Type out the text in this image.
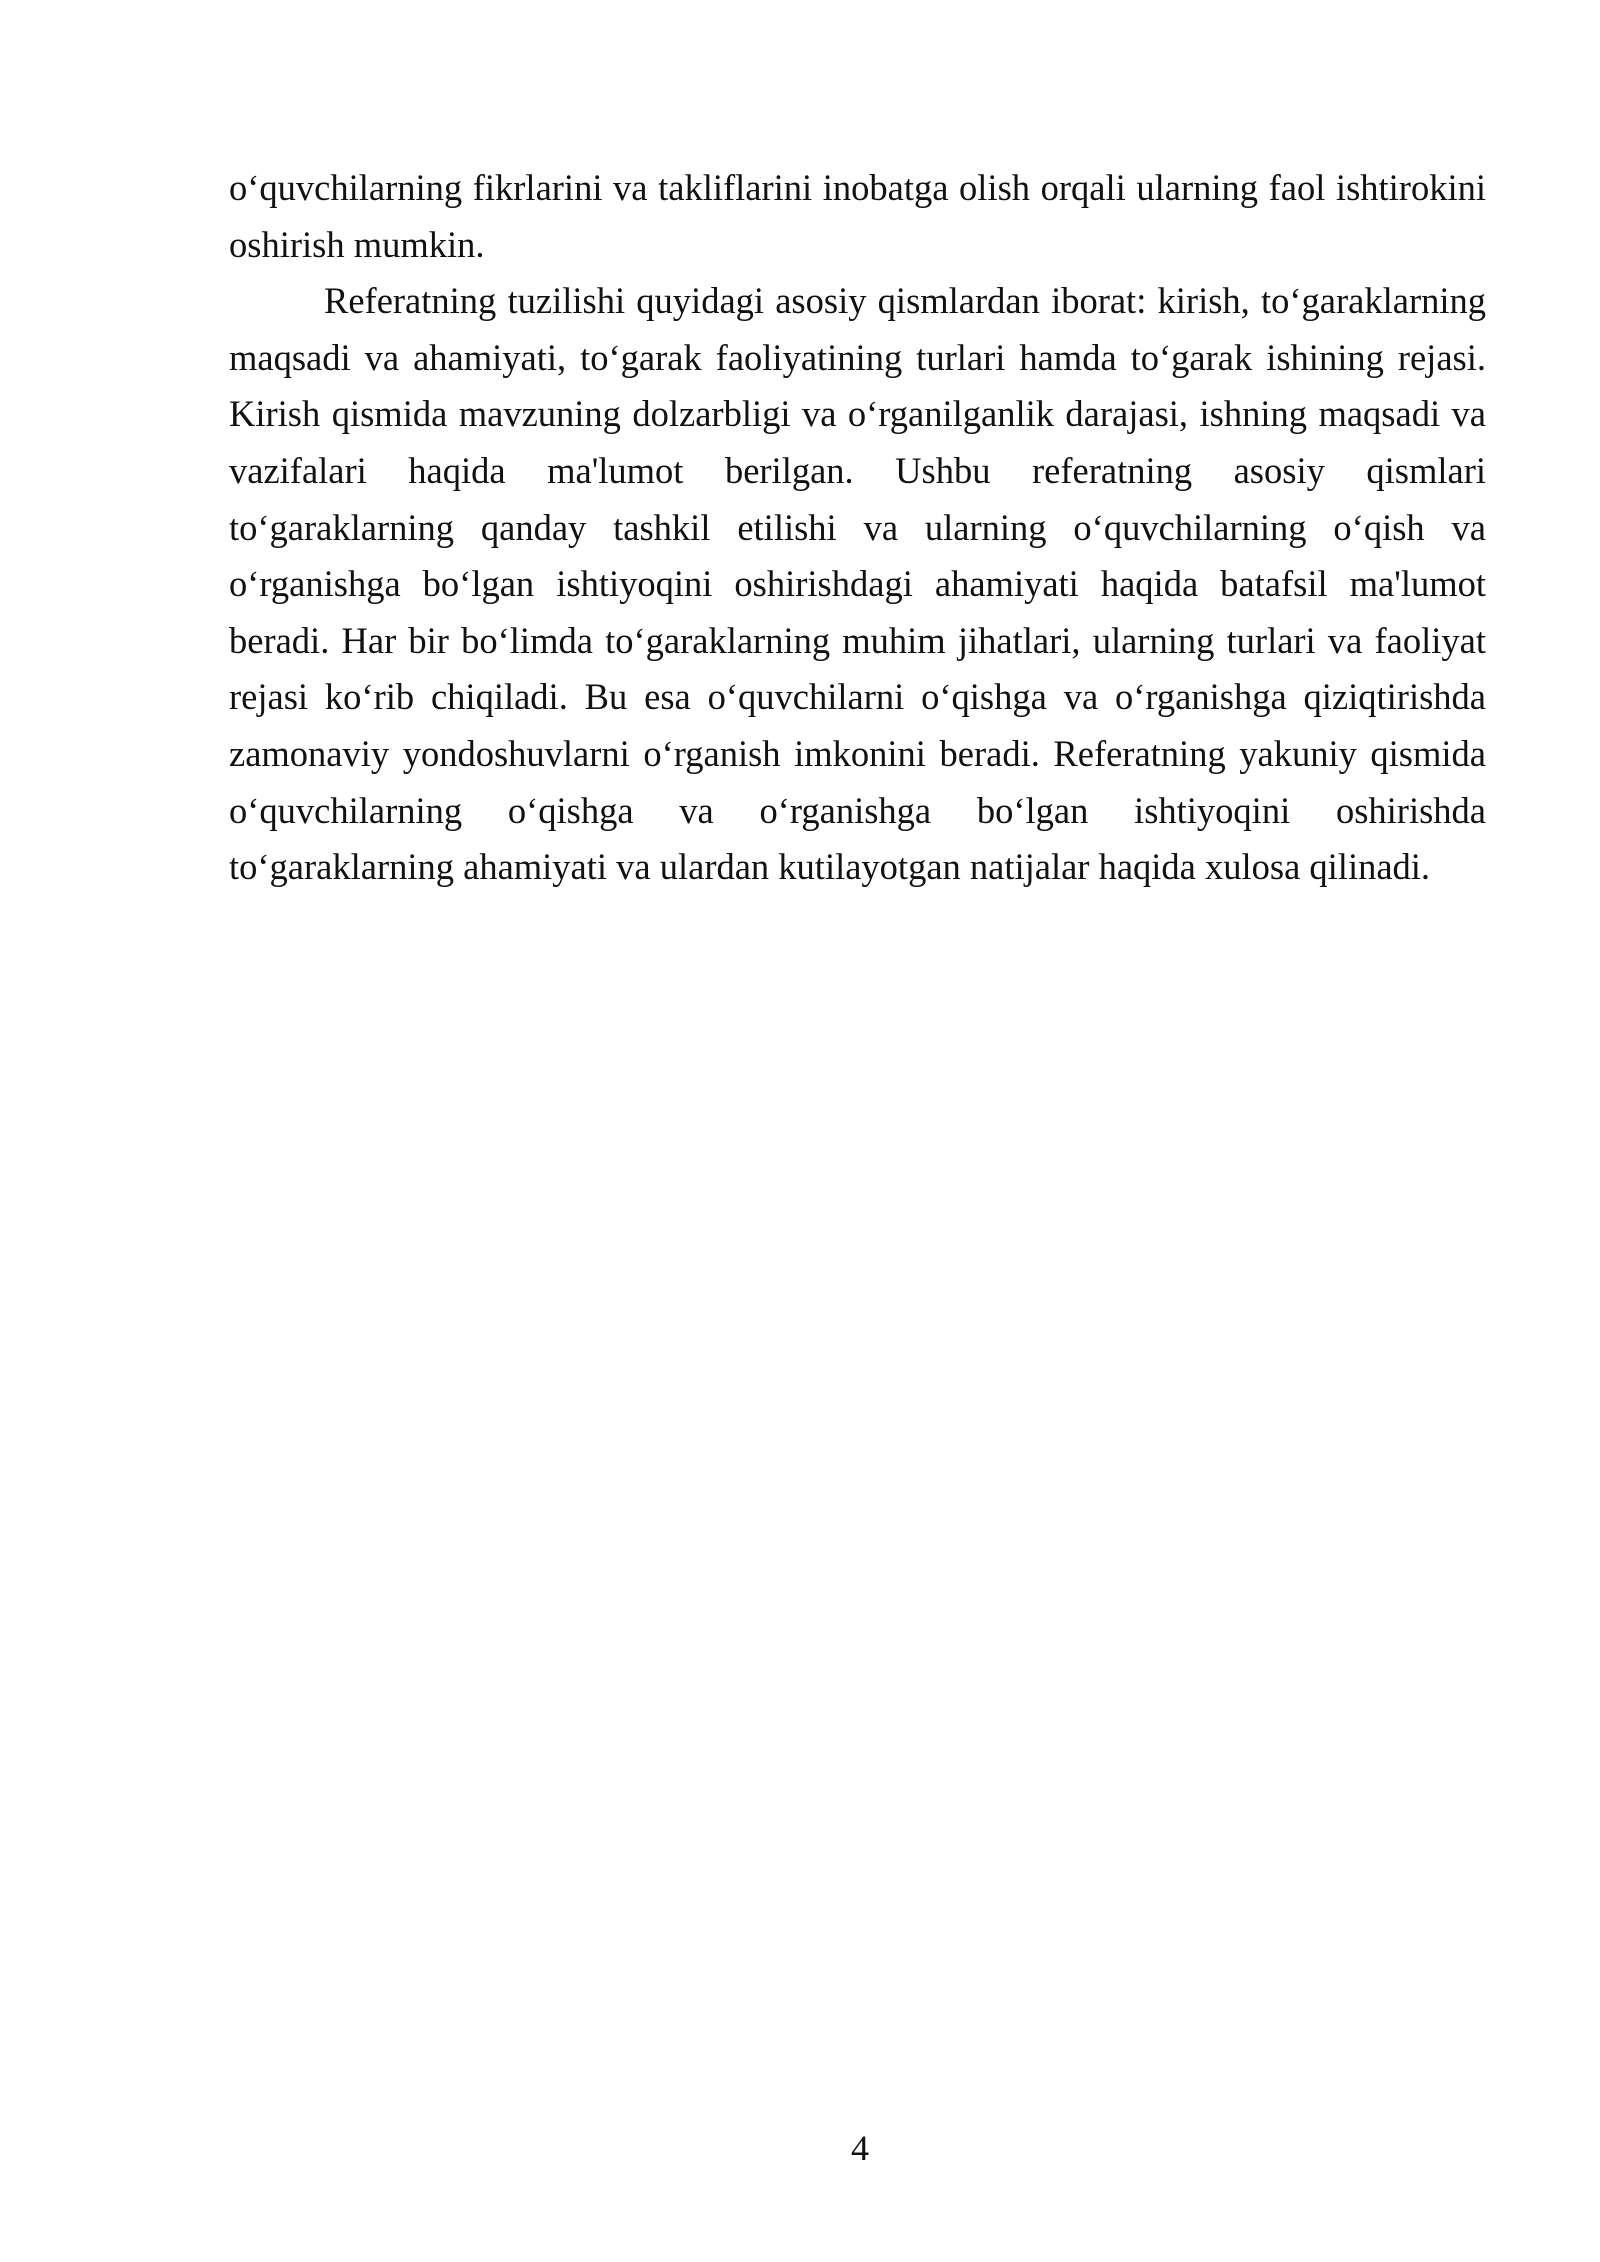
o‘quvchilarning fikrlarini va takliflarini inobatga olish orqali ularning faol ishtirokini oshirish mumkin.

Referatning tuzilishi quyidagi asosiy qismlardan iborat: kirish, to‘garaklarning maqsadi va ahamiyati, to‘garak faoliyatining turlari hamda to‘garak ishining rejasi. Kirish qismida mavzuning dolzarbligi va o‘rganilganlik darajasi, ishning maqsadi va vazifalari haqida ma'lumot berilgan. Ushbu referatning asosiy qismlari to‘garaklarning qanday tashkil etilishi va ularning o‘quvchilarning o‘qish va o‘rganishga bo‘lgan ishtiyoqini oshirishdagi ahamiyati haqida batafsil ma'lumot beradi. Har bir bo‘limda to‘garaklarning muhim jihatlari, ularning turlari va faoliyat rejasi ko‘rib chiqiladi. Bu esa o‘quvchilarni o‘qishga va o‘rganishga qiziqtirishda zamonaviy yondoshuvlarni o‘rganish imkonini beradi. Referatning yakuniy qismida o‘quvchilarning o‘qishga va o‘rganishga bo‘lgan ishtiyoqini oshirishda to‘garaklarning ahamiyati va ulardan kutilayotgan natijalar haqida xulosa qilinadi.

4
